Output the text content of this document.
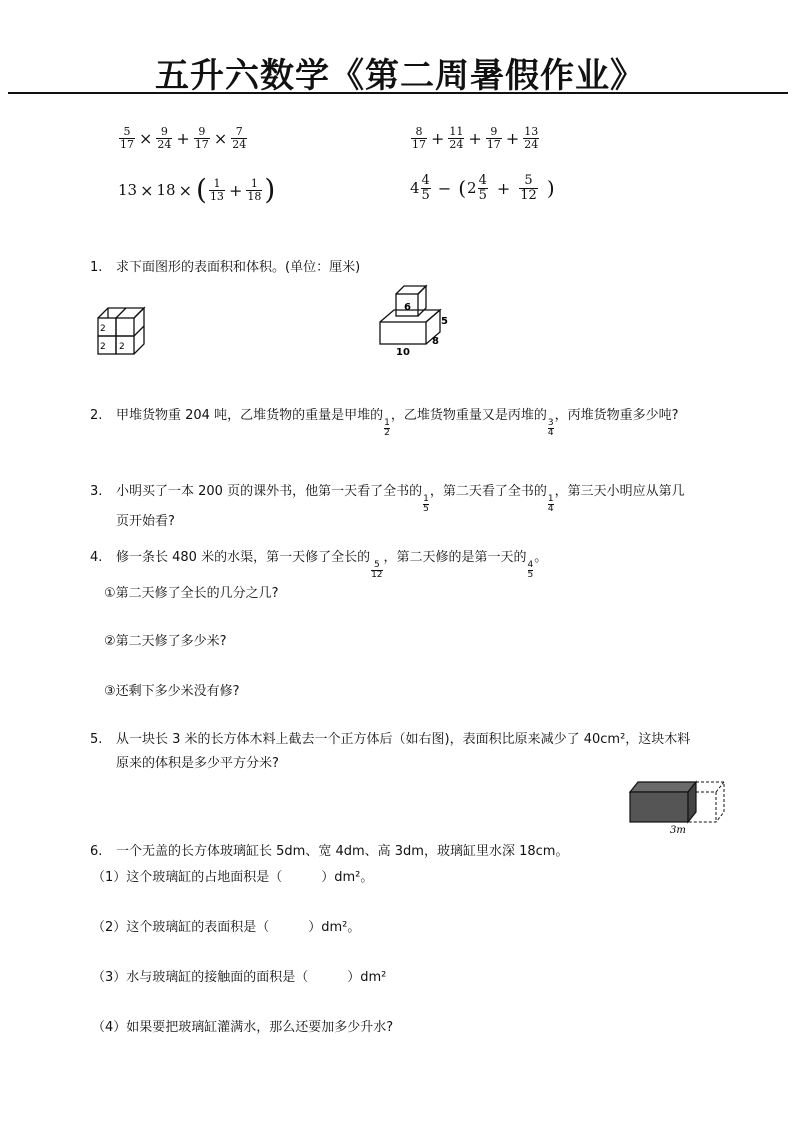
五升六数学《第二周暑假作业》
$\frac{5}{17} \times \frac{9}{24} + \frac{9}{17} \times \frac{7}{24}$	$\frac{8}{17} + \frac{11}{24} + \frac{9}{17} + \frac{13}{24}$
13 × 18 × ( $\frac{1}{13} + \frac{1}{18}$ )	$4 \frac{4}{5}$ − ( $2 \frac{4}{5} + \frac{5}{12}$ )
1. 求下面图形的表面积和体积。(单位：厘米)
2
2 2
6
5
8
10
2. 甲堆货物重 204 吨，乙堆货物的重量是甲堆的
$\frac{1}{2}$
，乙堆货物重量又是丙堆的
$\frac{3}{4}$
，丙堆货物重多少吨?
3. 小明买了一本 200 页的课外书，他第一天看了全书的
$\frac{1}{5}$
，第二天看了全书的
$\frac{1}{4}$
，第三天小明应从第几
页开始看?
4. 修一条长 480 米的水渠，第一天修了全长的
$\frac{5}{12}$
，第二天修的是第一天的
$\frac{4}{5}$
。
①第二天修了全长的几分之几?
②第二天修了多少米?
③还剩下多少米没有修?
5. 从一块长 3 米的长方体木料上截去一个正方体后（如右图)，表面积比原来减少了 40cm²，这块木料
原来的体积是多少平方分米?
3m
6. 一个无盖的长方体玻璃缸长 5dm、宽 4dm、高 3dm，玻璃缸里水深 18cm。
（1）这个玻璃缸的占地面积是（　　　）dm²。
（2）这个玻璃缸的表面积是（　　　）dm²。
（3）水与玻璃缸的接触面的面积是（　　　）dm²
（4）如果要把玻璃缸灌满水，那么还要加多少升水?
